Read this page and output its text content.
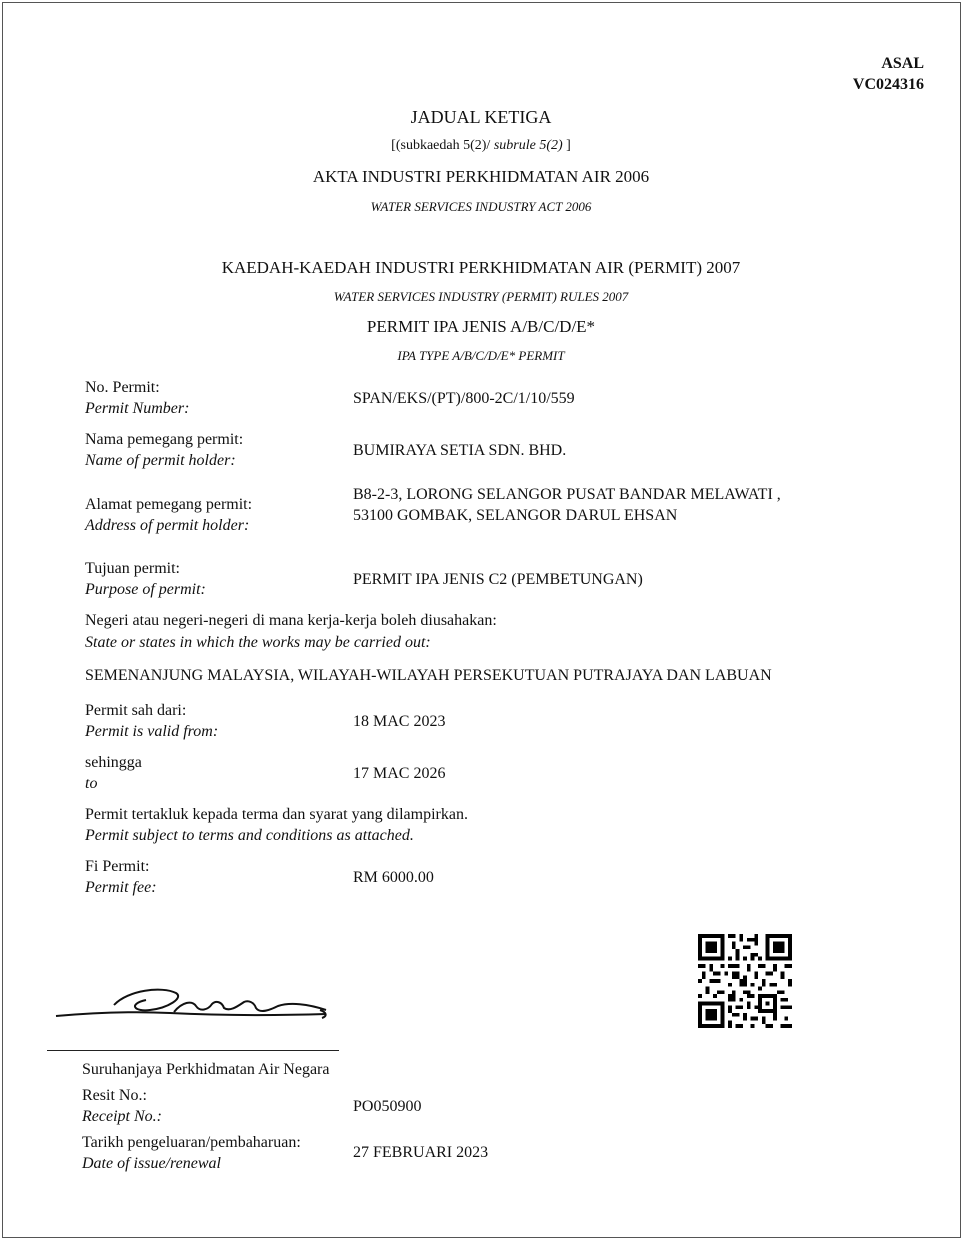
ASAL
VC024316
JADUAL KETIGA
[(subkaedah 5(2)/ subrule 5(2) ]
AKTA INDUSTRI PERKHIDMATAN AIR 2006
WATER SERVICES INDUSTRY ACT 2006
KAEDAH-KAEDAH INDUSTRI PERKHIDMATAN AIR (PERMIT) 2007
WATER SERVICES INDUSTRY (PERMIT) RULES 2007
PERMIT IPA JENIS A/B/C/D/E*
IPA TYPE A/B/C/D/E* PERMIT
No. Permit:
Permit Number:
SPAN/EKS/(PT)/800-2C/1/10/559
Nama pemegang permit:
Name of permit holder:
BUMIRAYA SETIA SDN. BHD.
Alamat pemegang permit:
Address of permit holder:
B8-2-3, LORONG SELANGOR PUSAT BANDAR MELAWATI , 53100 GOMBAK, SELANGOR DARUL EHSAN
Tujuan permit:
Purpose of permit:
PERMIT IPA JENIS C2 (PEMBETUNGAN)
Negeri atau negeri-negeri di mana kerja-kerja boleh diusahakan:
State or states in which the works may be carried out:
SEMENANJUNG MALAYSIA, WILAYAH-WILAYAH PERSEKUTUAN PUTRAJAYA DAN LABUAN
Permit sah dari:
Permit is valid from:
18 MAC 2023
sehingga
to
17 MAC 2026
Permit tertakluk kepada terma dan syarat yang dilampirkan.
Permit subject to terms and conditions as attached.
Fi Permit:
Permit fee:
RM 6000.00
Suruhanjaya Perkhidmatan Air Negara
Resit No.:
Receipt No.:
PO050900
Tarikh pengeluaran/pembaharuan:
Date of issue/renewal
27 FEBRUARI 2023
